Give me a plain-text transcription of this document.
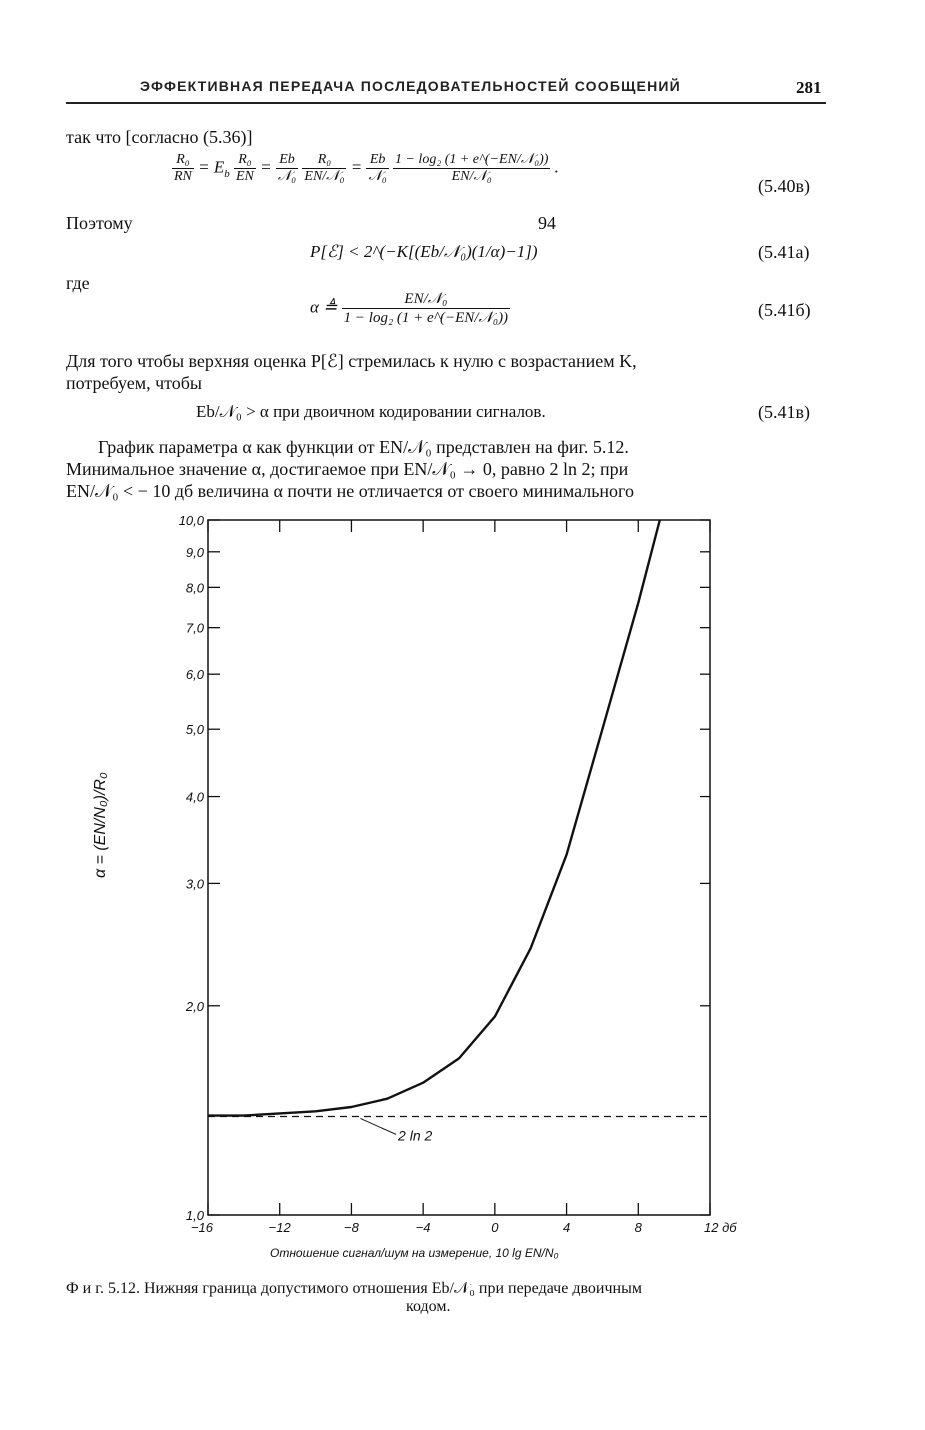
ЭФФЕКТИВНАЯ ПЕРЕДАЧА ПОСЛЕДОВАТЕЛЬНОСТЕЙ СООБЩЕНИЙ	281
так что [согласно (5.36)]
$\frac{\text{R₀}}{RN} = E_b \frac{\text{R₀}}{EN} = \frac{Eb}{\text{𝒩₀}}$
$\frac{\text{R₀}}{\text{EN/𝒩₀}} = \frac{Eb}{\text{𝒩₀}}$
$\frac{\text{1 − log₂ (1 + e\textasciicircum{}(−EN/𝒩₀))}}{\text{EN/𝒩₀}}$ .
(5.40в)
Поэтому	94
P[ℰ] < 2^(−K[(Eb/𝒩₀)(1/α)−1])	(5.41а)
где
α ≜ $\frac{\text{EN/𝒩₀}}{\text{1 − log₂ (1 + e\textasciicircum{}(−EN/𝒩₀))}}$	(5.41б)
Для того чтобы верхняя оценка P[ℰ] стремилась к нулю с возрастанием K,
потребуем, чтобы
Eb/𝒩₀ > α при двоичном кодировании сигналов.	(5.41в)
График параметра α как функции от EN/𝒩₀ представлен на фиг. 5.12.
Минимальное значение α, достигаемое при EN/𝒩₀ → 0, равно 2 ln 2; при
EN/𝒩₀ < − 10 дб величина α почти не отличается от своего минимального
1,0
2,0
3,0
4,0
5,0
6,0
7,0
8,0
9,0
10,0
−16	−12	−8	−4	0	4	8	12 дб
2 ln 2
Отношение сигнал/шум на измерение, 10 lg EN/N₀
α = (EN/N₀)/R₀
Ф и г. 5.12. Нижняя граница допустимого отношения Eb/𝒩₀ при передаче двоичным
кодом.
